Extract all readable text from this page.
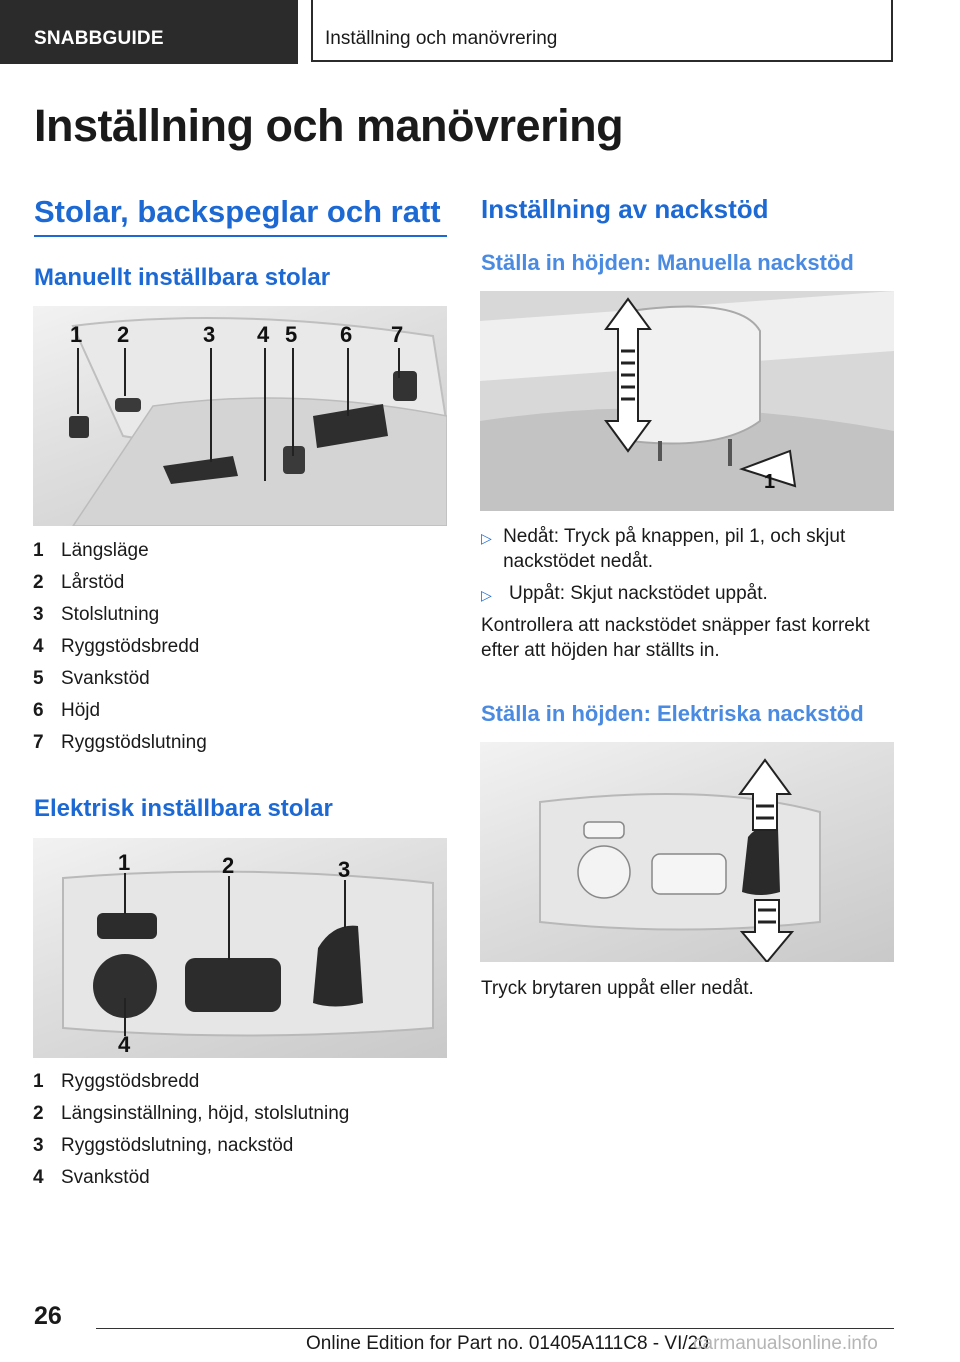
SNABBGUIDE	Inställning och manövrering
Inställning och manövrering
Stolar, backspeglar och ratt
Manuellt inställbara stolar
1 2	3 4 5 6 7
1 Längsläge
2 Lårstöd
3 Stolslutning
4 Ryggstödsbredd
5 Svankstöd
6 Höjd
7 Ryggstödslutning
Elektrisk inställbara stolar
1	2	3
4
1 Ryggstödsbredd
2 Längsinställning, höjd, stolslutning
3 Ryggstödslutning, nackstöd
4 Svankstöd
Inställning av nackstöd
Ställa in höjden: Manuella nackstöd
1
▷ Nedåt: Tryck på knappen, pil 1, och skjut nackstödet nedåt.
▷ Uppåt: Skjut nackstödet uppåt.
Kontrollera att nackstödet snäpper fast korrekt efter att höjden har ställts in.
Ställa in höjden: Elektriska nackstöd
Tryck brytaren uppåt eller nedåt.
26
Online Edition for Part no. 01405A111C8 - VI/20
carmanualsonline.info
